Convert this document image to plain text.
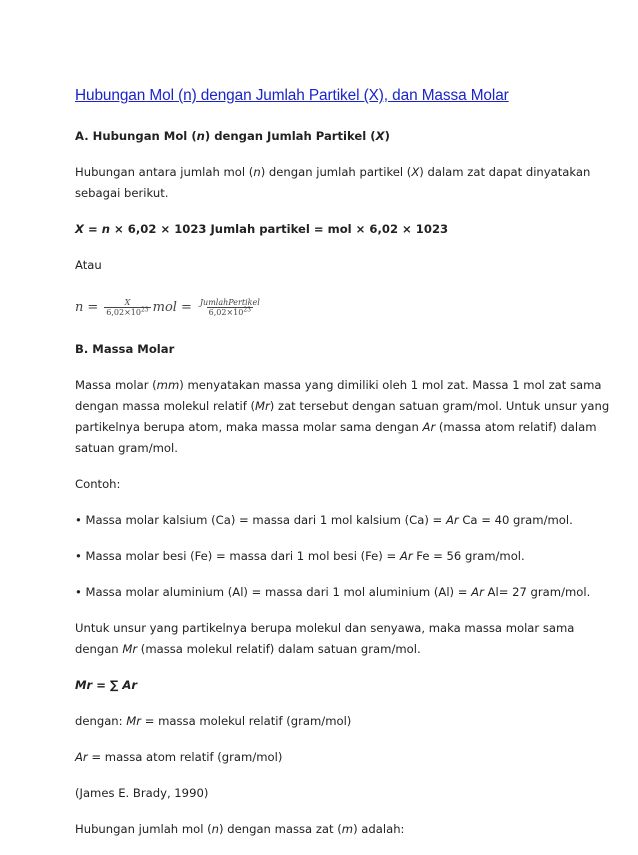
Hubungan Mol (n) dengan Jumlah Partikel (X), dan Massa Molar

A. Hubungan Mol (n) dengan Jumlah Partikel (X)

Hubungan antara jumlah mol (n) dengan jumlah partikel (X) dalam zat dapat dinyatakan
sebagai berikut.

X = n × 6,02 × 1023 Jumlah partikel = mol × 6,02 × 1023

Atau

$n = \frac{X}{6,02\times 10^{23}}$ mol = $\frac{\text{JumlahPertikel}}{6,02\times 10^{23}}$

B. Massa Molar

Massa molar (mm) menyatakan massa yang dimiliki oleh 1 mol zat. Massa 1 mol zat sama
dengan massa molekul relatif (Mr) zat tersebut dengan satuan gram/mol. Untuk unsur yang
partikelnya berupa atom, maka massa molar sama dengan Ar (massa atom relatif) dalam
satuan gram/mol.

Contoh:

• Massa molar kalsium (Ca) = massa dari 1 mol kalsium (Ca) = Ar Ca = 40 gram/mol.

• Massa molar besi (Fe) = massa dari 1 mol besi (Fe) = Ar Fe = 56 gram/mol.

• Massa molar aluminium (Al) = massa dari 1 mol aluminium (Al) = Ar Al= 27 gram/mol.

Untuk unsur yang partikelnya berupa molekul dan senyawa, maka massa molar sama
dengan Mr (massa molekul relatif) dalam satuan gram/mol.

Mr = ∑ Ar

dengan: Mr = massa molekul relatif (gram/mol)

Ar = massa atom relatif (gram/mol)

(James E. Brady, 1990)

Hubungan jumlah mol (n) dengan massa zat (m) adalah:
